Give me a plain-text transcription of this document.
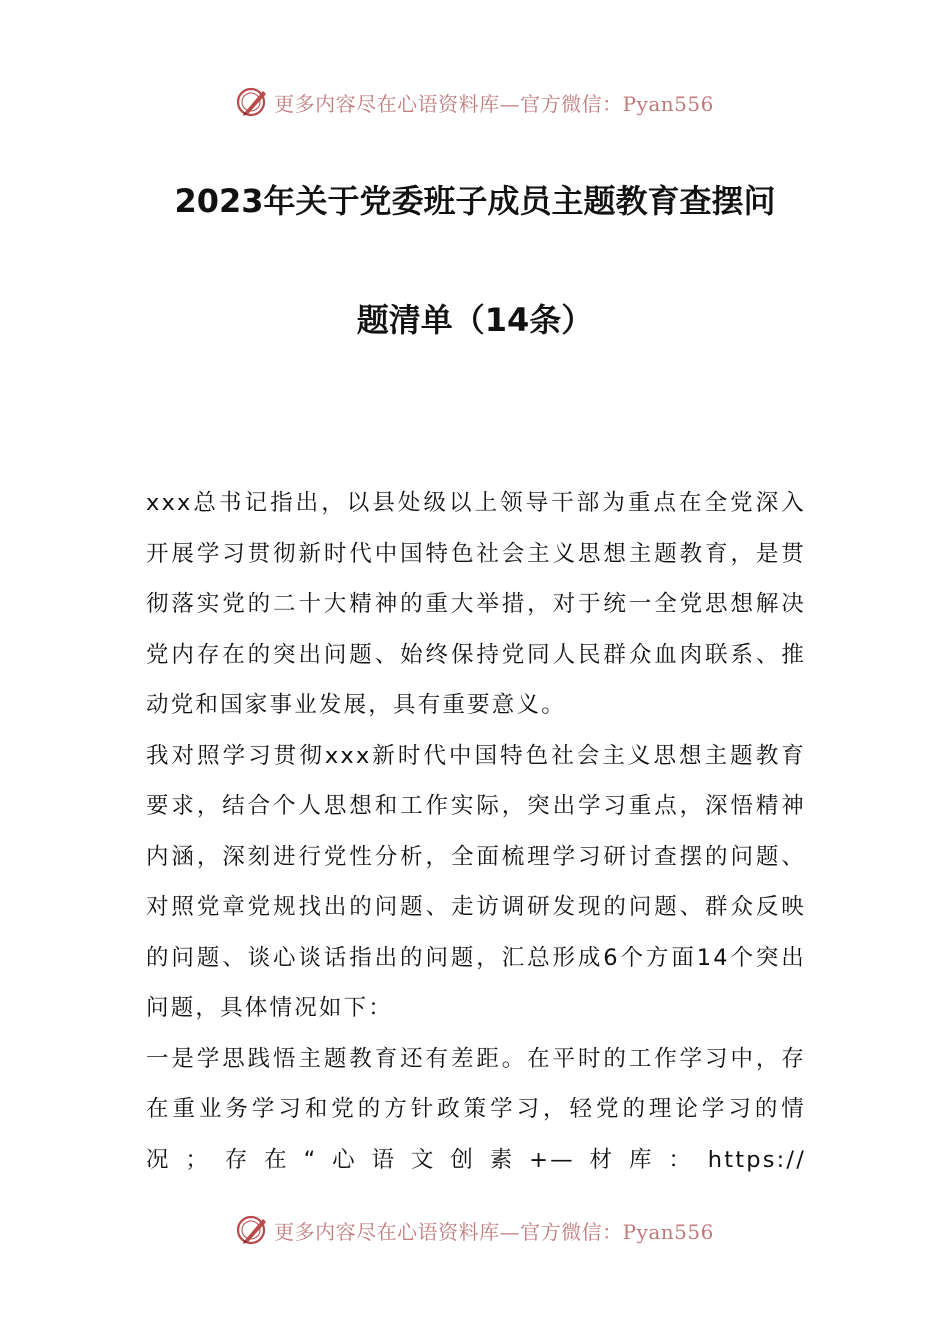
更多内容尽在心语资料库—官方微信：Pyan556
2023年关于党委班子成员主题教育查摆问
题清单（14条）

xxx总书记指出，以县处级以上领导干部为重点在全党深入开展学习贯彻新时代中国特色社会主义思想主题教育，是贯彻落实党的二十大精神的重大举措，对于统一全党思想解决党内存在的突出问题、始终保持党同人民群众血肉联系、推动党和国家事业发展，具有重要意义。

我对照学习贯彻xxx新时代中国特色社会主义思想主题教育要求，结合个人思想和工作实际，突出学习重点，深悟精神内涵，深刻进行党性分析，全面梳理学习研讨查摆的问题、对照党章党规找出的问题、走访调研发现的问题、群众反映的问题、谈心谈话指出的问题，汇总形成6个方面14个突出问题，具体情况如下：

一是学思践悟主题教育还有差距。在平时的工作学习中，存在重业务学习和党的方针政策学习，轻党的理论学习的情况；存在“心语文创素+—材库：https://

更多内容尽在心语资料库—官方微信：Pyan556
